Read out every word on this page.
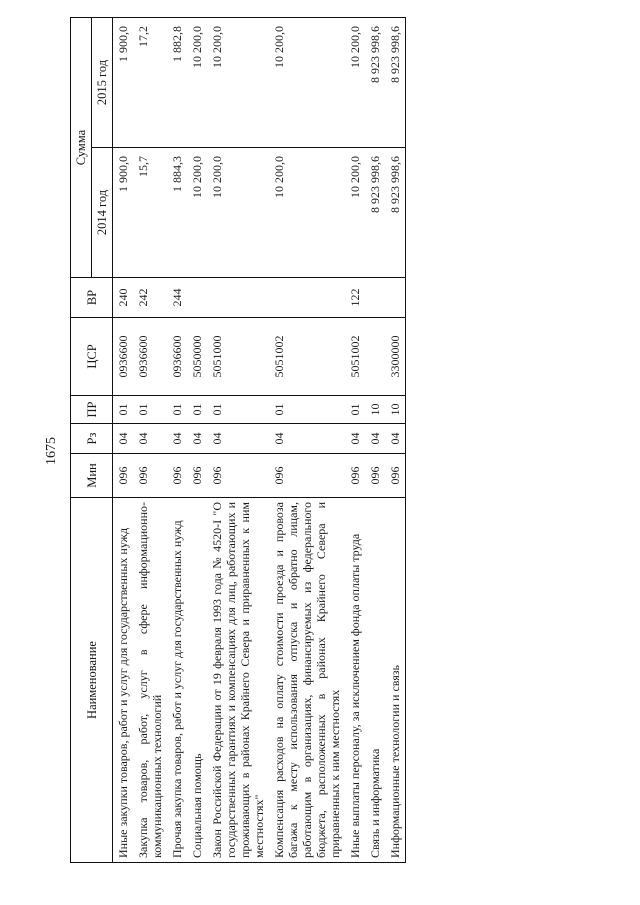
1675
Наименование	Мин	Рз	ПР	ЦСР	ВР	Сумма	
						2014 год	2015 год
Иные закупки товаров, работ и услуг для государственных нужд	096	04	01	0936600	240	1 900,0	1 900,0
Закупка товаров, работ, услуг в сфере информационно-коммуникационных технологий	096	04	01	0936600	242	15,7	17,2
Прочая закупка товаров, работ и услуг для государственных нужд	096	04	01	0936600	244	1 884,3	1 882,8
Социальная помощь	096	04	01	5050000		10 200,0	10 200,0
Закон Российской Федерации от 19 февраля 1993 года № 4520-I "О государственных гарантиях и компенсациях для лиц, работающих и проживающих в районах Крайнего Севера и приравненных к ним местностях"	096	04	01	5051000		10 200,0	10 200,0
Компенсация расходов на оплату стоимости проезда и провоза багажа к месту использования отпуска и обратно лицам, работающим в организациях, финансируемых из федерального бюджета, расположенных в районах Крайнего Севера и приравненных к ним местностях	096	04	01	5051002		10 200,0	10 200,0
Иные выплаты персоналу, за исключением фонда оплаты труда	096	04	01	5051002	122	10 200,0	10 200,0
Связь и информатика	096	04	10			8 923 998,6	8 923 998,6
Информационные технологии и связь	096	04	10	3300000		8 923 998,6	8 923 998,6
